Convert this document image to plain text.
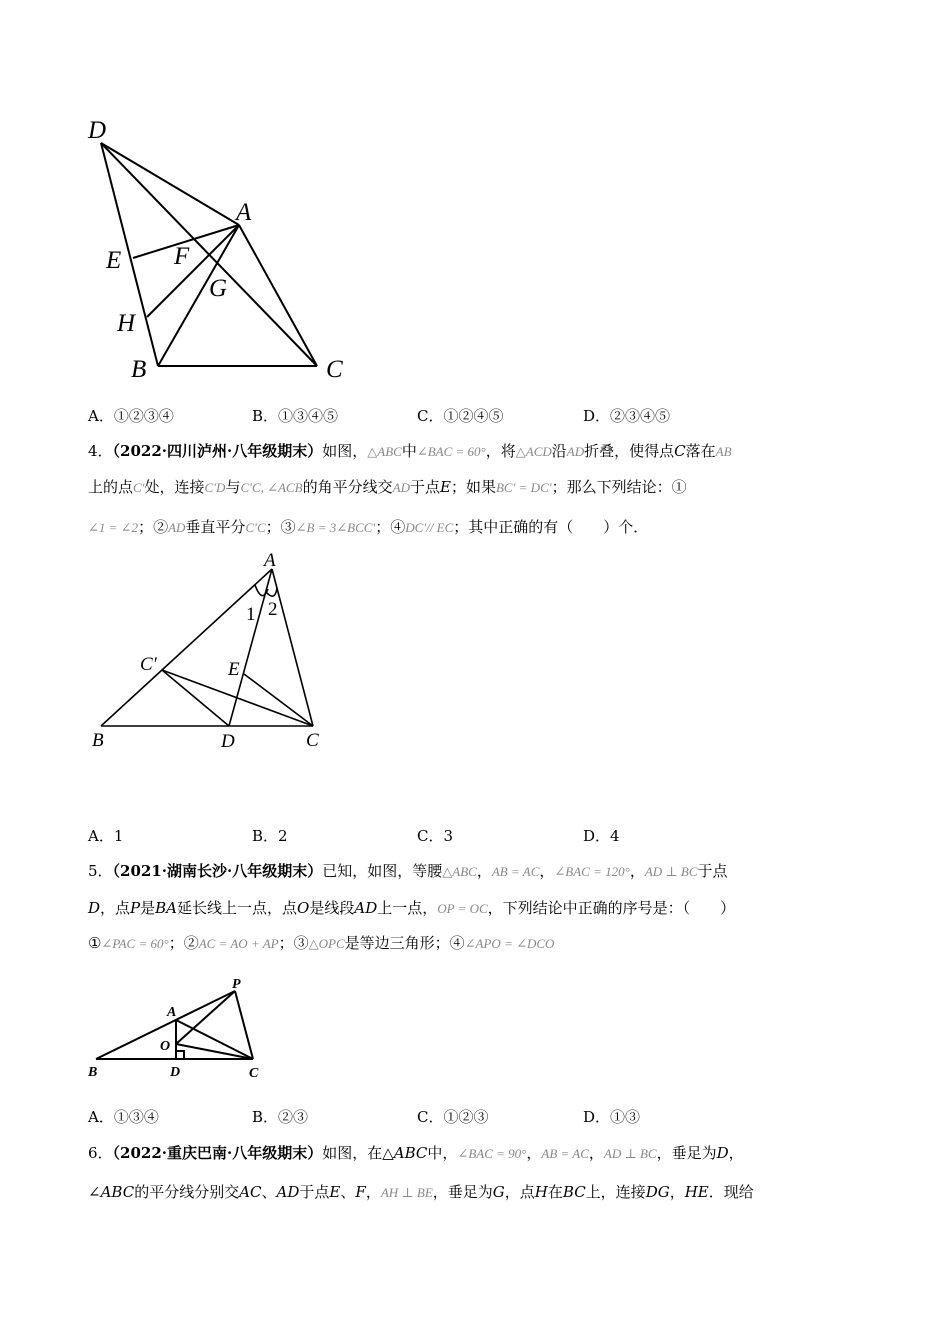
D
A
E F
G
H
B	C
A．①②③④	B．①③④⑤	C．①②④⑤	D．②③④⑤
4．（2022·四川泸州·八年级期末）如图，△ABC中∠BAC = 60°，将△ACD沿AD折叠，使得点C落在AB
上的点C′处，连接C′D与C′C, ∠ACB的角平分线交AD于点E；如果BC′ = DC′；那么下列结论：①
∠1 = ∠2；②AD垂直平分C′C；③∠B = 3∠BCC′；④DC′// EC；其中正确的有（　　）个．
A
1 2
C′	E
B	D	C
A．1	B．2	C．3	D．4
5．（2021·湖南长沙·八年级期末）已知，如图，等腰△ABC，AB = AC，∠BAC = 120°，AD ⊥ BC于点
D，点P是BA延长线上一点，点O是线段AD上一点，OP = OC，下列结论中正确的序号是：（　　）
①∠PAC = 60°；②AC = AO + AP；③△OPC是等边三角形；④∠APO = ∠DCO
P
A
O
B	D	C
A．①③④	B．②③	C．①②③	D．①③
6．（2022·重庆巴南·八年级期末）如图，在△ABC中，∠BAC = 90°，AB = AC，AD ⊥ BC，垂足为D，
∠ABC的平分线分别交AC、AD于点E、F，AH ⊥ BE，垂足为G，点H在BC上，连接DG，HE．现给
